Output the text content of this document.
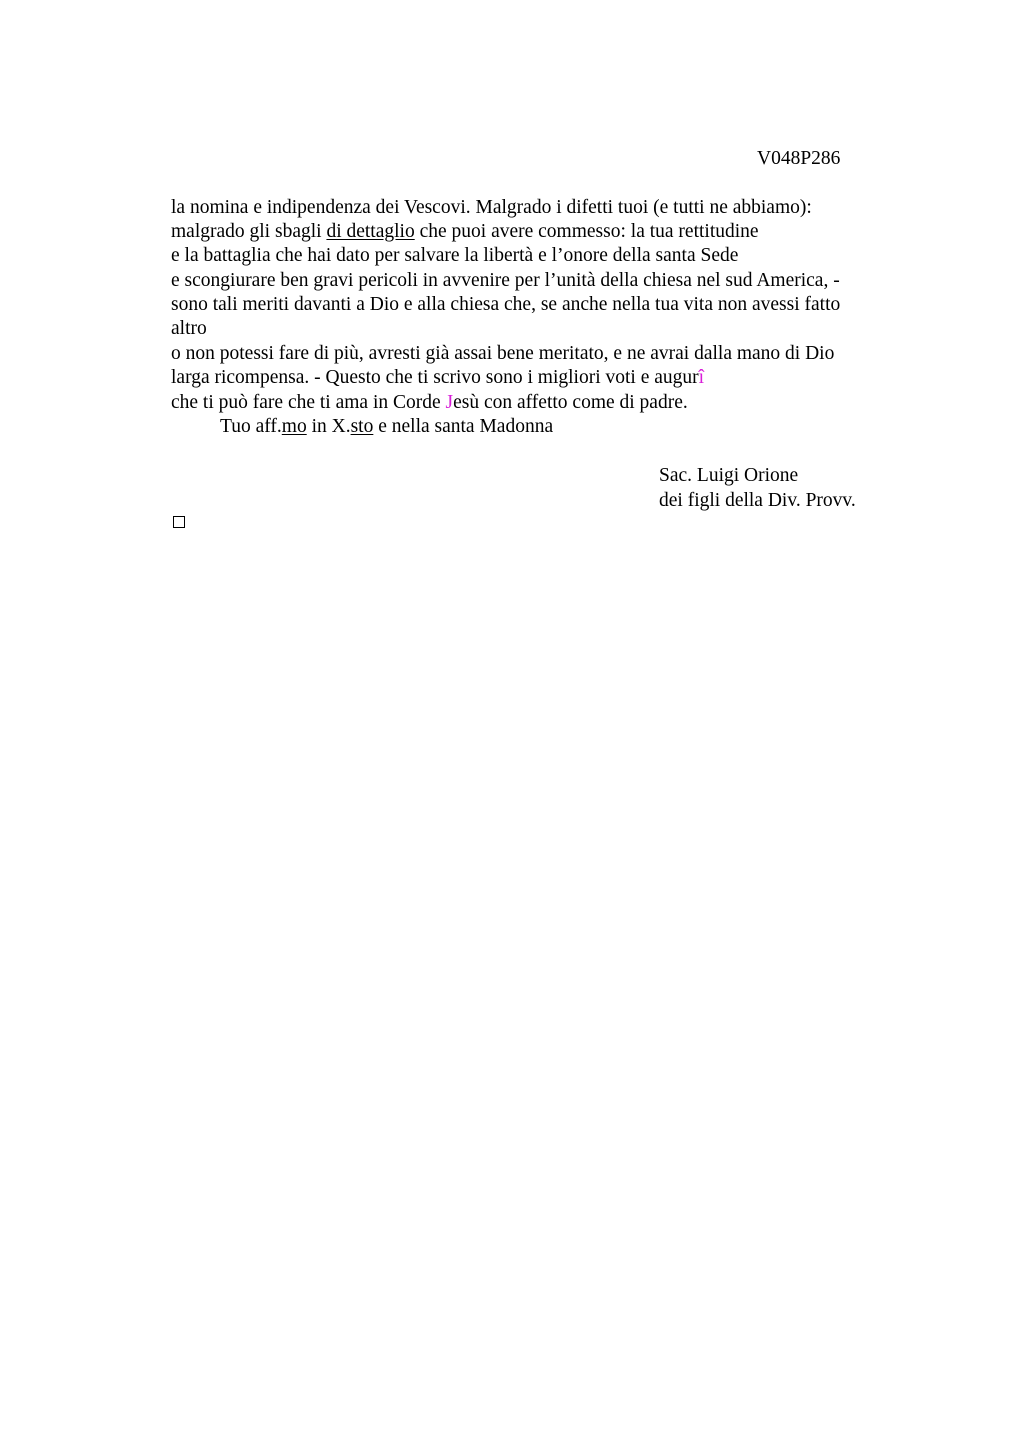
V048P286
la nomina e indipendenza dei Vescovi. Malgrado i difetti tuoi (e tutti ne abbiamo):
malgrado gli sbagli di dettaglio che puoi avere commesso: la tua rettitudine
e la battaglia che hai dato per salvare la libertà e l’onore della santa Sede
e scongiurare ben gravi pericoli in avvenire per l’unità della chiesa nel sud America, -
sono tali meriti davanti a Dio e alla chiesa che, se anche nella tua vita non avessi fatto
altro
o non potessi fare di più, avresti già assai bene meritato, e ne avrai dalla mano di Dio
larga ricompensa. - Questo che ti scrivo sono i migliori voti e augurî
che ti può fare che ti ama in Corde Jesù con affetto come di padre.
Tuo aff.mo in X.sto e nella santa Madonna
Sac. Luigi Orione
dei figli della Div. Provv.
